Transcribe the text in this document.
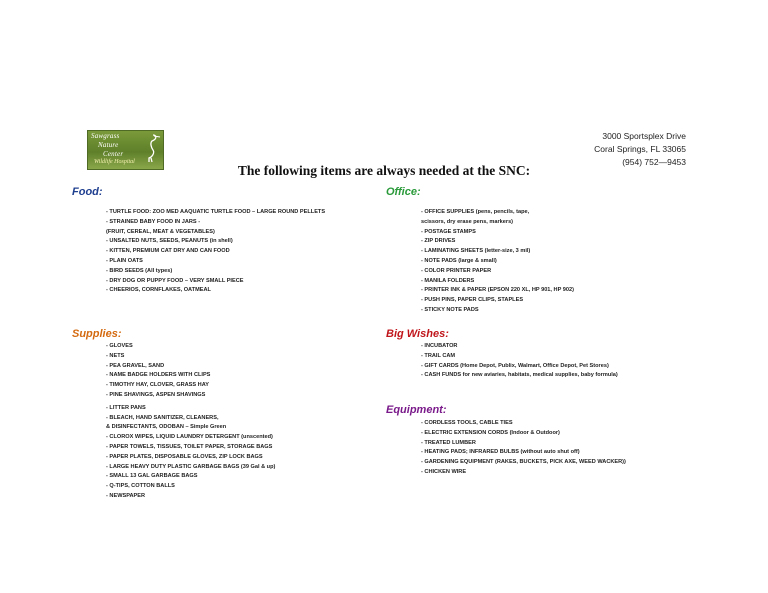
Sawgrass
Nature
Center
Wildlife Hospital
3000 Sportsplex Drive
Coral Springs, FL 33065
(954) 752—9453
The following items are always needed at the SNC:
Food:
- TURTLE FOOD: ZOO MED AAQUATIC TURTLE FOOD – LARGE ROUND PELLETS
- STRAINED BABY FOOD IN JARS -
(FRUIT, CEREAL, MEAT & VEGETABLES)
- UNSALTED NUTS, SEEDS, PEANUTS (in shell)
- KITTEN, PREMIUM CAT DRY AND CAN FOOD
- PLAIN OATS
- BIRD SEEDS (All types)
- DRY DOG OR PUPPY FOOD – VERY SMALL PIECE
- CHEERIOS, CORNFLAKES, OATMEAL
Office:
- OFFICE SUPPLIES (pens, pencils, tape,
scissors, dry erase pens, markers)
- POSTAGE STAMPS
- ZIP DRIVES
- LAMINATING SHEETS (letter-size, 3 mil)
- NOTE PADS (large & small)
- COLOR PRINTER PAPER
- MANILA FOLDERS
- PRINTER INK & PAPER (EPSON 220 XL, HP 901, HP 902)
- PUSH PINS, PAPER CLIPS, STAPLES
- STICKY NOTE PADS
Supplies:
- GLOVES
- NETS
- PEA GRAVEL, SAND
- NAME BADGE HOLDERS WITH CLIPS
- TIMOTHY HAY, CLOVER, GRASS HAY
- PINE SHAVINGS, ASPEN SHAVINGS
- LITTER PANS
- BLEACH, HAND SANITIZER, CLEANERS,
& DISINFECTANTS, ODOBAN – Simple Green
- CLOROX WIPES, LIQUID LAUNDRY DETERGENT (unscented)
- PAPER TOWELS, TISSUES, TOILET PAPER, STORAGE BAGS
- PAPER PLATES, DISPOSABLE GLOVES, ZIP LOCK BAGS
- LARGE HEAVY DUTY PLASTIC GARBAGE BAGS (39 Gal & up)
- SMALL 13 GAL GARBAGE BAGS
- Q-TIPS, COTTON BALLS
- NEWSPAPER
Big Wishes:
- INCUBATOR
- TRAIL CAM
- GIFT CARDS (Home Depot, Publix, Walmart, Office Depot, Pet Stores)
- CASH FUNDS for new aviaries, habitats, medical supplies, baby formula)
Equipment:
- CORDLESS TOOLS, CABLE TIES
- ELECTRIC EXTENSION CORDS (Indoor & Outdoor)
- TREATED LUMBER
- HEATING PADS; INFRARED BULBS (without auto shut off)
- GARDENING EQUIPMENT (RAKES, BUCKETS, PICK AXE, WEED WACKER))
- CHICKEN WIRE
